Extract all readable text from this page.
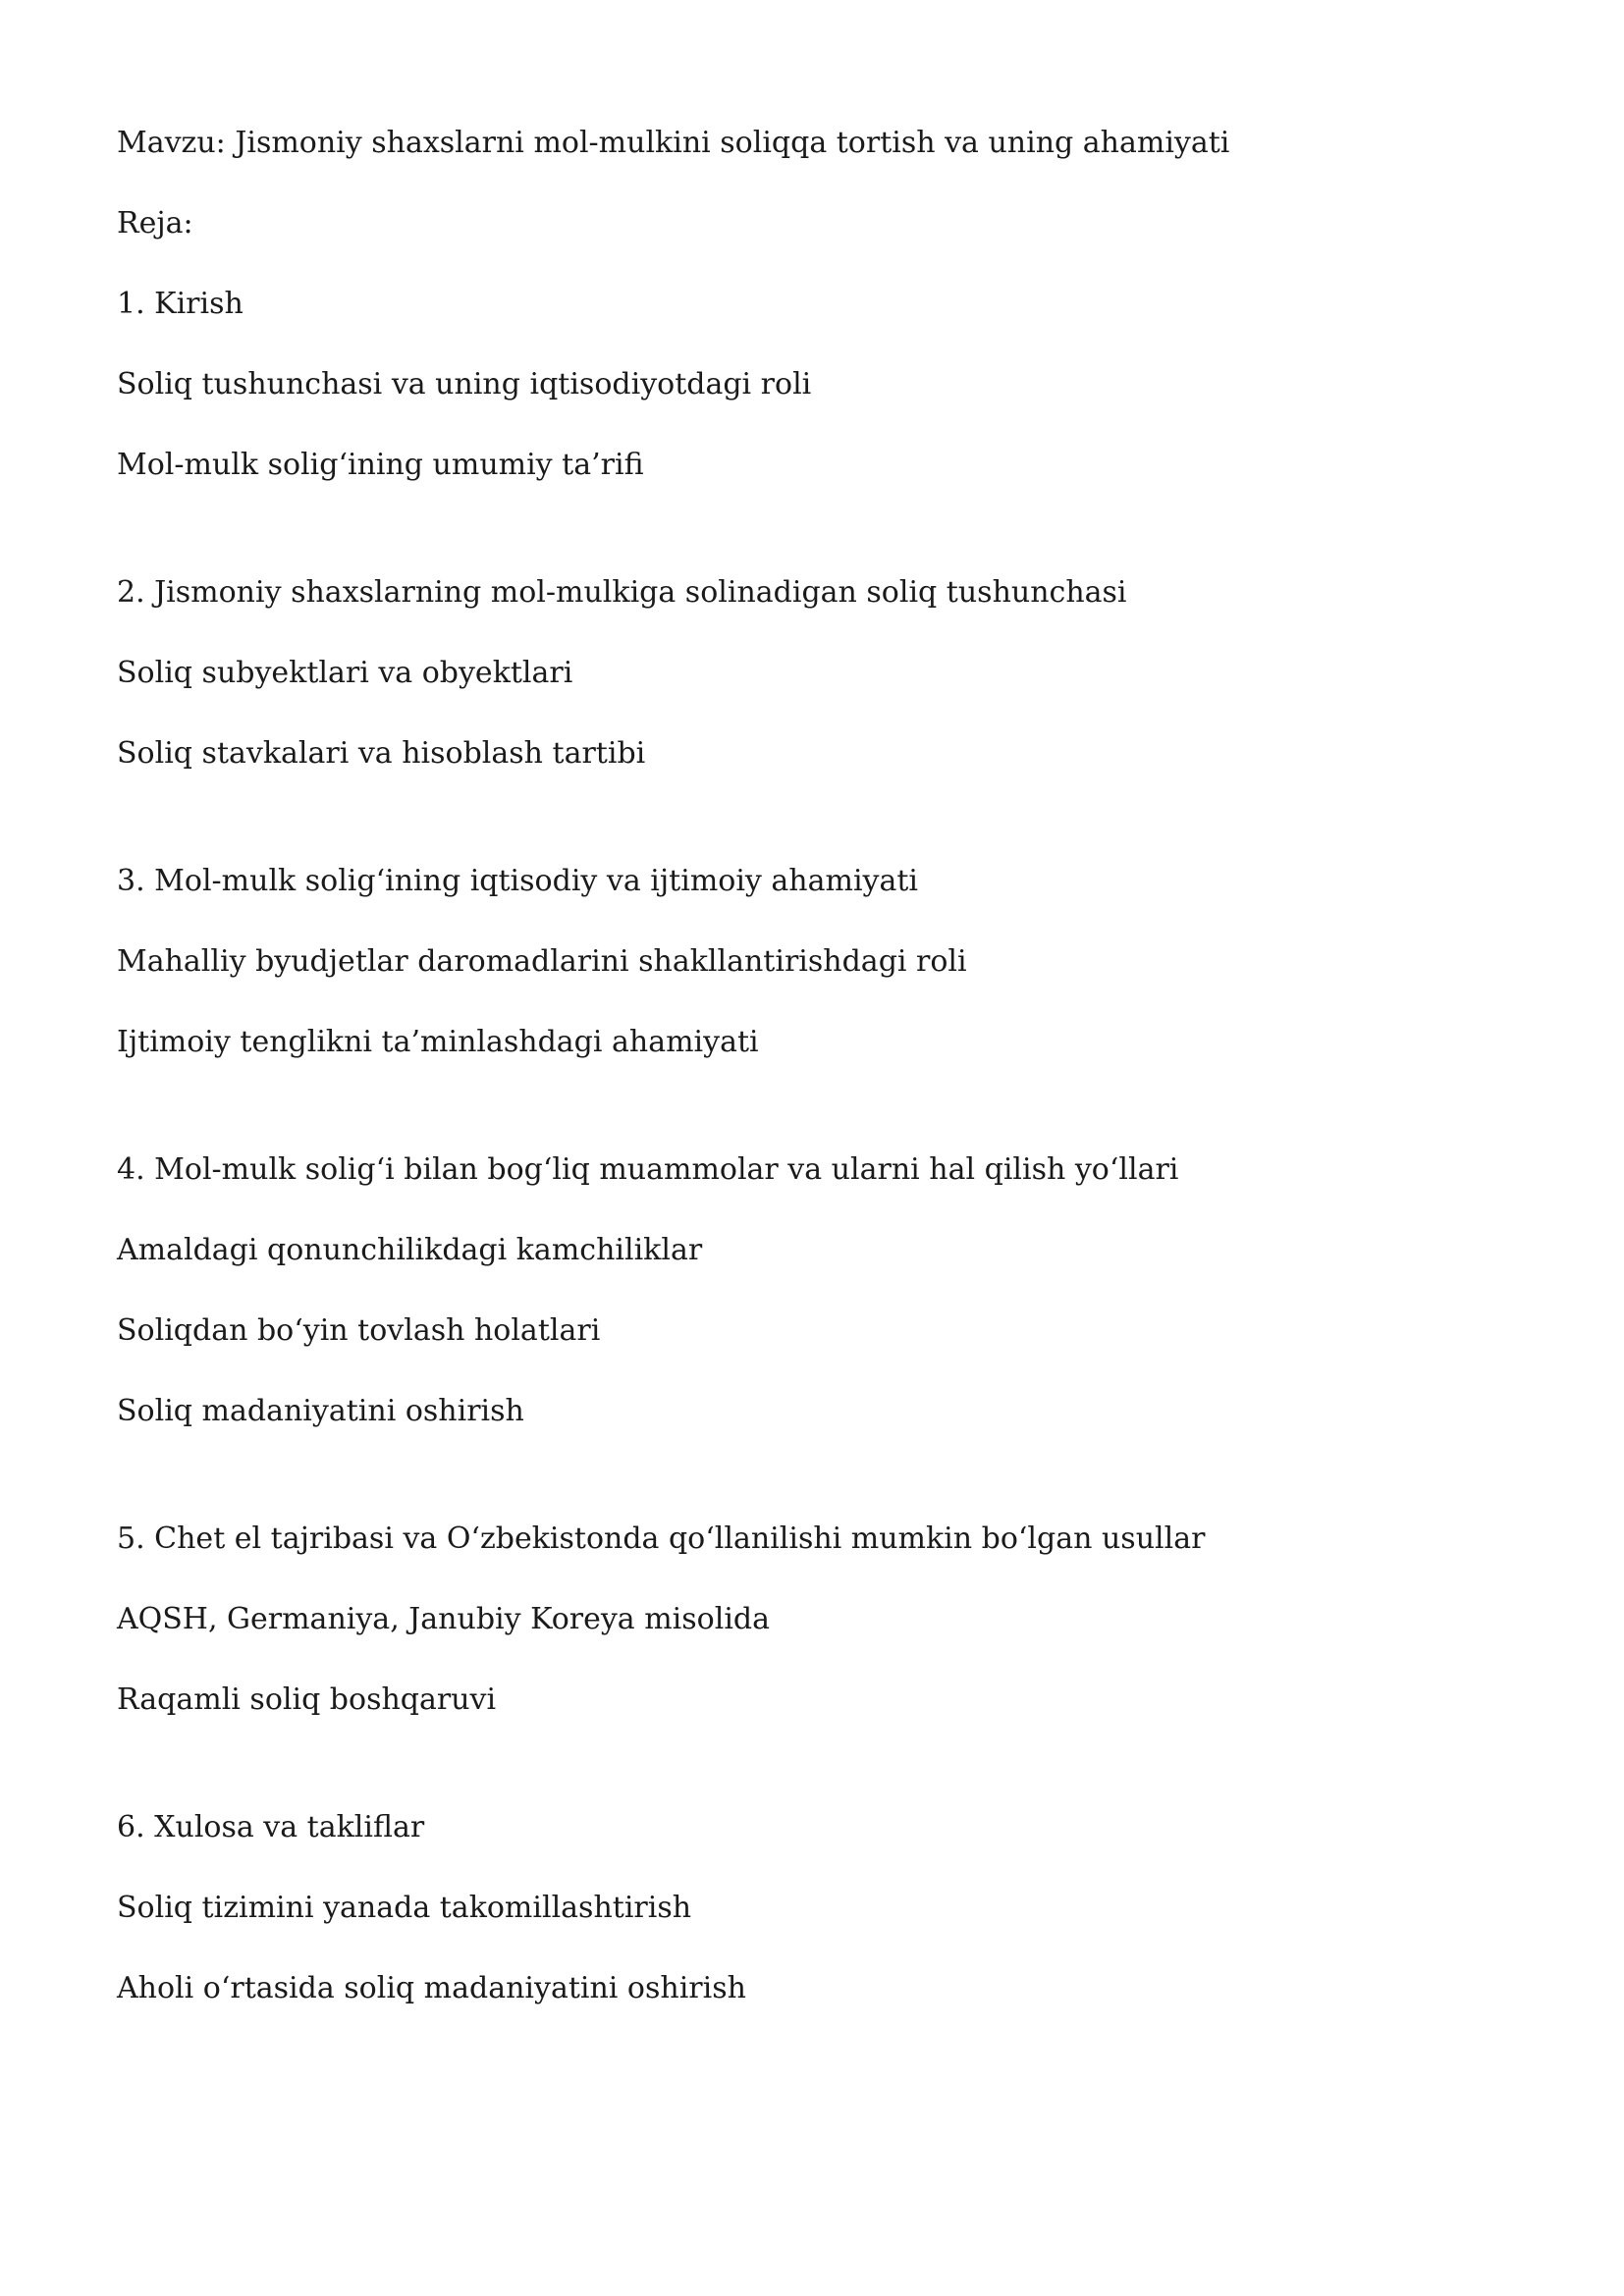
Mavzu: Jismoniy shaxslarni mol-mulkini soliqqa tortish va uning ahamiyati

Reja:

1. Kirish

Soliq tushunchasi va uning iqtisodiyotdagi roli

Mol-mulk solig‘ining umumiy ta’rifi

2. Jismoniy shaxslarning mol-mulkiga solinadigan soliq tushunchasi

Soliq subyektlari va obyektlari

Soliq stavkalari va hisoblash tartibi

3. Mol-mulk solig‘ining iqtisodiy va ijtimoiy ahamiyati

Mahalliy byudjetlar daromadlarini shakllantirishdagi roli

Ijtimoiy tenglikni ta’minlashdagi ahamiyati

4. Mol-mulk solig‘i bilan bog‘liq muammolar va ularni hal qilish yo‘llari

Amaldagi qonunchilikdagi kamchiliklar

Soliqdan bo‘yin tovlash holatlari

Soliq madaniyatini oshirish

5. Chet el tajribasi va O‘zbekistonda qo‘llanilishi mumkin bo‘lgan usullar

AQSH, Germaniya, Janubiy Koreya misolida

Raqamli soliq boshqaruvi

6. Xulosa va takliflar

Soliq tizimini yanada takomillashtirish

Aholi o‘rtasida soliq madaniyatini oshirish
